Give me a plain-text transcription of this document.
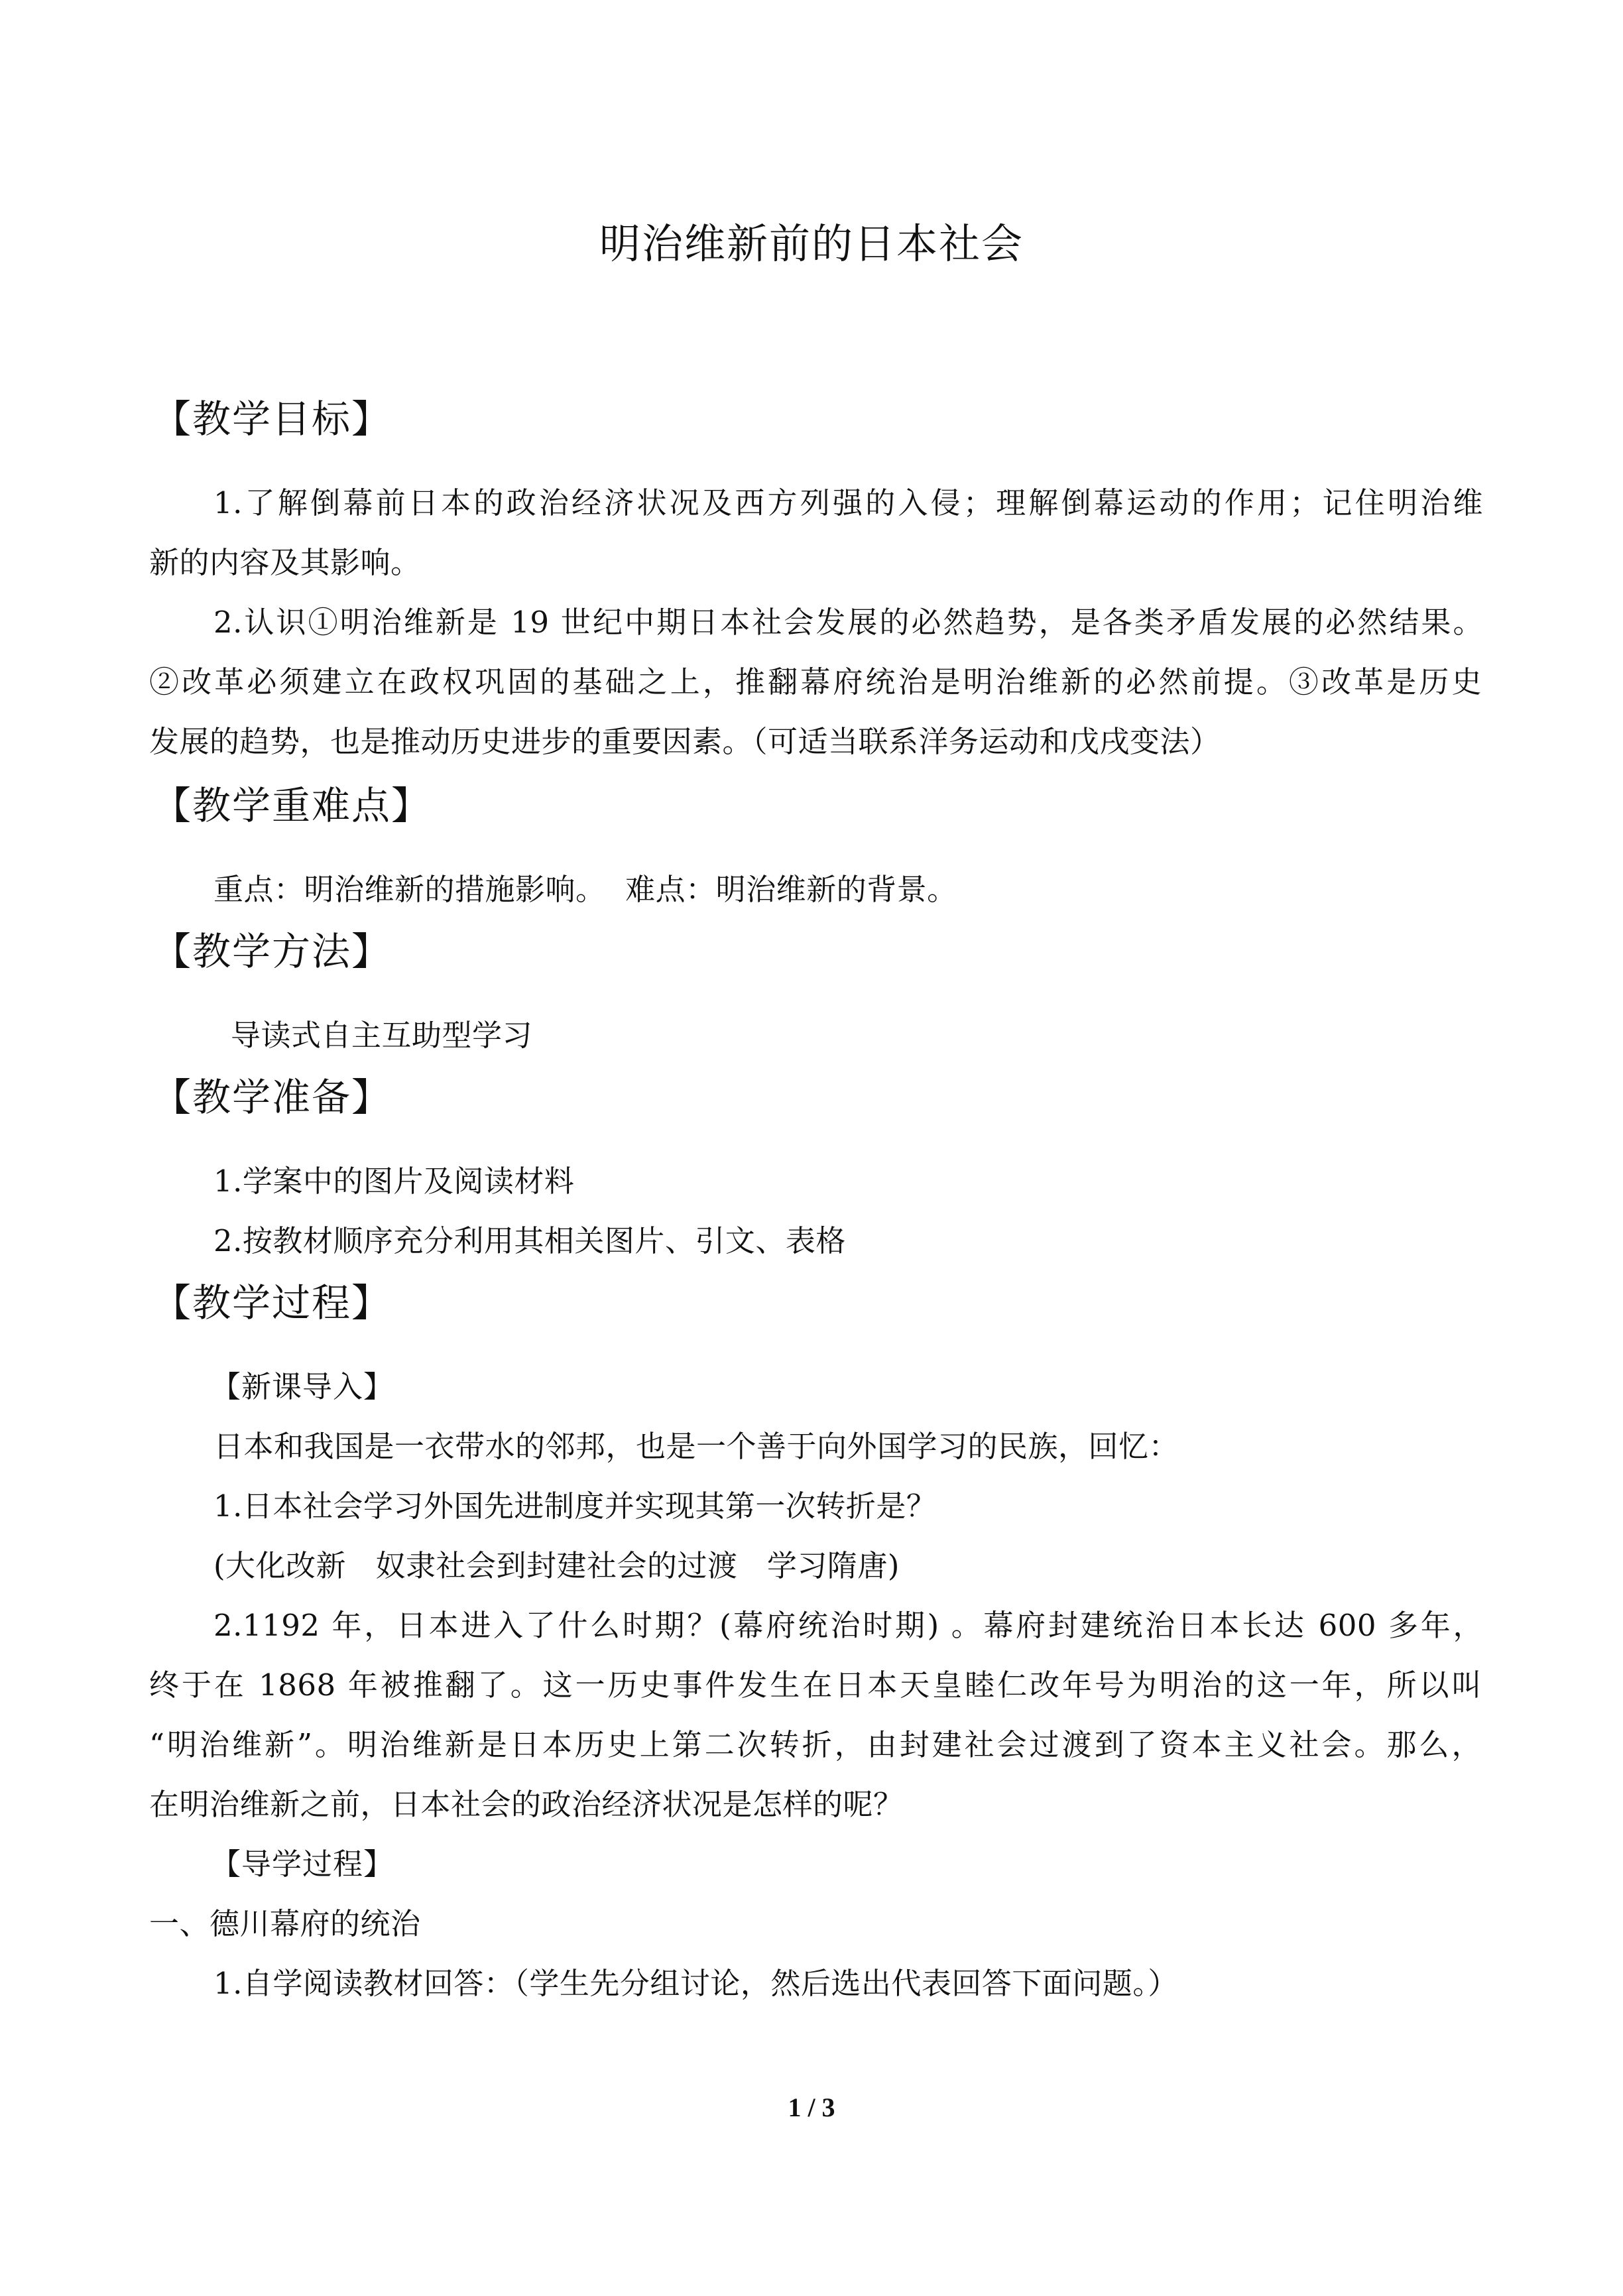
明治维新前的日本社会
【教学目标】
1.了解倒幕前日本的政治经济状况及西方列强的入侵；理解倒幕运动的作用；记住明治维
新的内容及其影响。
2.认识①明治维新是 19 世纪中期日本社会发展的必然趋势，是各类矛盾发展的必然结果。
②改革必须建立在政权巩固的基础之上，推翻幕府统治是明治维新的必然前提。③改革是历史
发展的趋势，也是推动历史进步的重要因素。（可适当联系洋务运动和戊戌变法）
【教学重难点】
重点：明治维新的措施影响。  难点：明治维新的背景。
【教学方法】
导读式自主互助型学习
【教学准备】
1.学案中的图片及阅读材料
2.按教材顺序充分利用其相关图片、引文、表格
【教学过程】
【新课导入】
日本和我国是一衣带水的邻邦，也是一个善于向外国学习的民族，回忆：
1.日本社会学习外国先进制度并实现其第一次转折是？
(大化改新   奴隶社会到封建社会的过渡   学习隋唐)
2.1192 年，日本进入了什么时期？(幕府统治时期) 。幕府封建统治日本长达 600 多年，
终于在 1868 年被推翻了。这一历史事件发生在日本天皇睦仁改年号为明治的这一年，所以叫
“明治维新”。明治维新是日本历史上第二次转折，由封建社会过渡到了资本主义社会。那么，
在明治维新之前，日本社会的政治经济状况是怎样的呢？
【导学过程】
一、德川幕府的统治
1.自学阅读教材回答：（学生先分组讨论，然后选出代表回答下面问题。）
1 / 3
